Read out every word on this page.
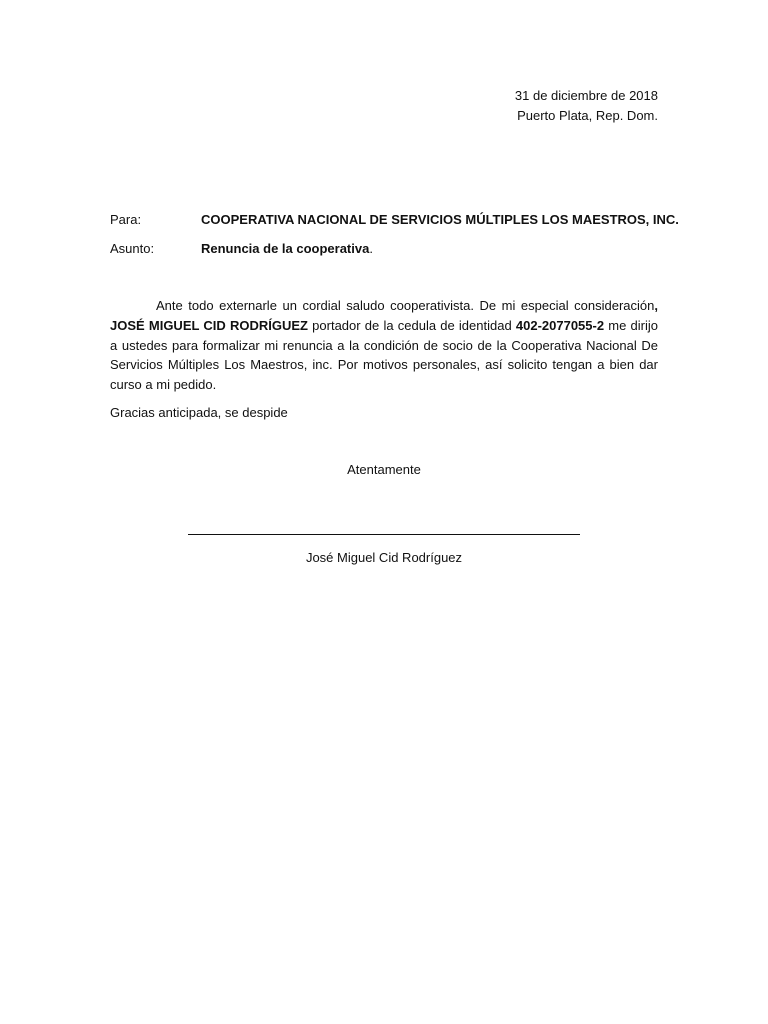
31 de diciembre de 2018
Puerto Plata, Rep. Dom.
Para:	COOPERATIVA NACIONAL DE SERVICIOS MÚLTIPLES LOS MAESTROS, INC.
Asunto:	Renuncia de la cooperativa.

Ante todo externarle un cordial saludo cooperativista. De mi especial consideración, JOSÉ MIGUEL CID RODRÍGUEZ portador de la cedula de identidad 402-2077055-2 me dirijo a ustedes para formalizar mi renuncia a la condición de socio de la Cooperativa Nacional De Servicios Múltiples Los Maestros, inc. Por motivos personales, así solicito tengan a bien dar curso a mi pedido.

Gracias anticipada, se despide
Atentamente
José Miguel Cid Rodríguez
